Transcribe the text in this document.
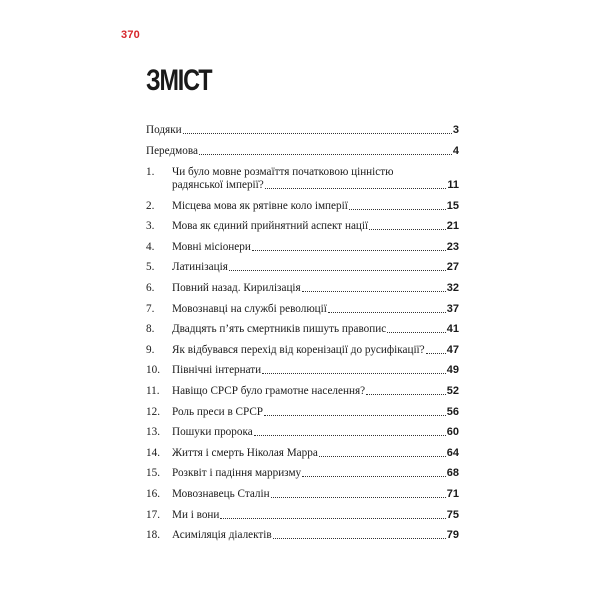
370
ЗМІСТ
Подяки	3
Передмова	4
1.	Чи було мовне розмаїття початковою цінністю
радянської імперії?	11
2.	Місцева мова як рятівне коло імперії	15
3.	Мова як єдиний прийнятний аспект нації	21
4.	Мовні місіонери	23
5.	Латинізація	27
6.	Повний назад. Кирилізація	32
7.	Мовознавці на службі революції	37
8.	Двадцять п’ять смертників пишуть правопис	41
9.	Як відбувався перехід від коренізації до русифікації? 47
10.	Північні інтернати	49
11.	Навіщо СРСР було грамотне населення?	52
12.	Роль преси в СРСР	56
13.	Пошуки пророка	60
14.	Життя і смерть Ніколая Марра	64
15.	Розквіт і падіння марризму	68
16.	Мовознавець Сталін	71
17.	Ми і вони	75
18.	Асиміляція діалектів	79
